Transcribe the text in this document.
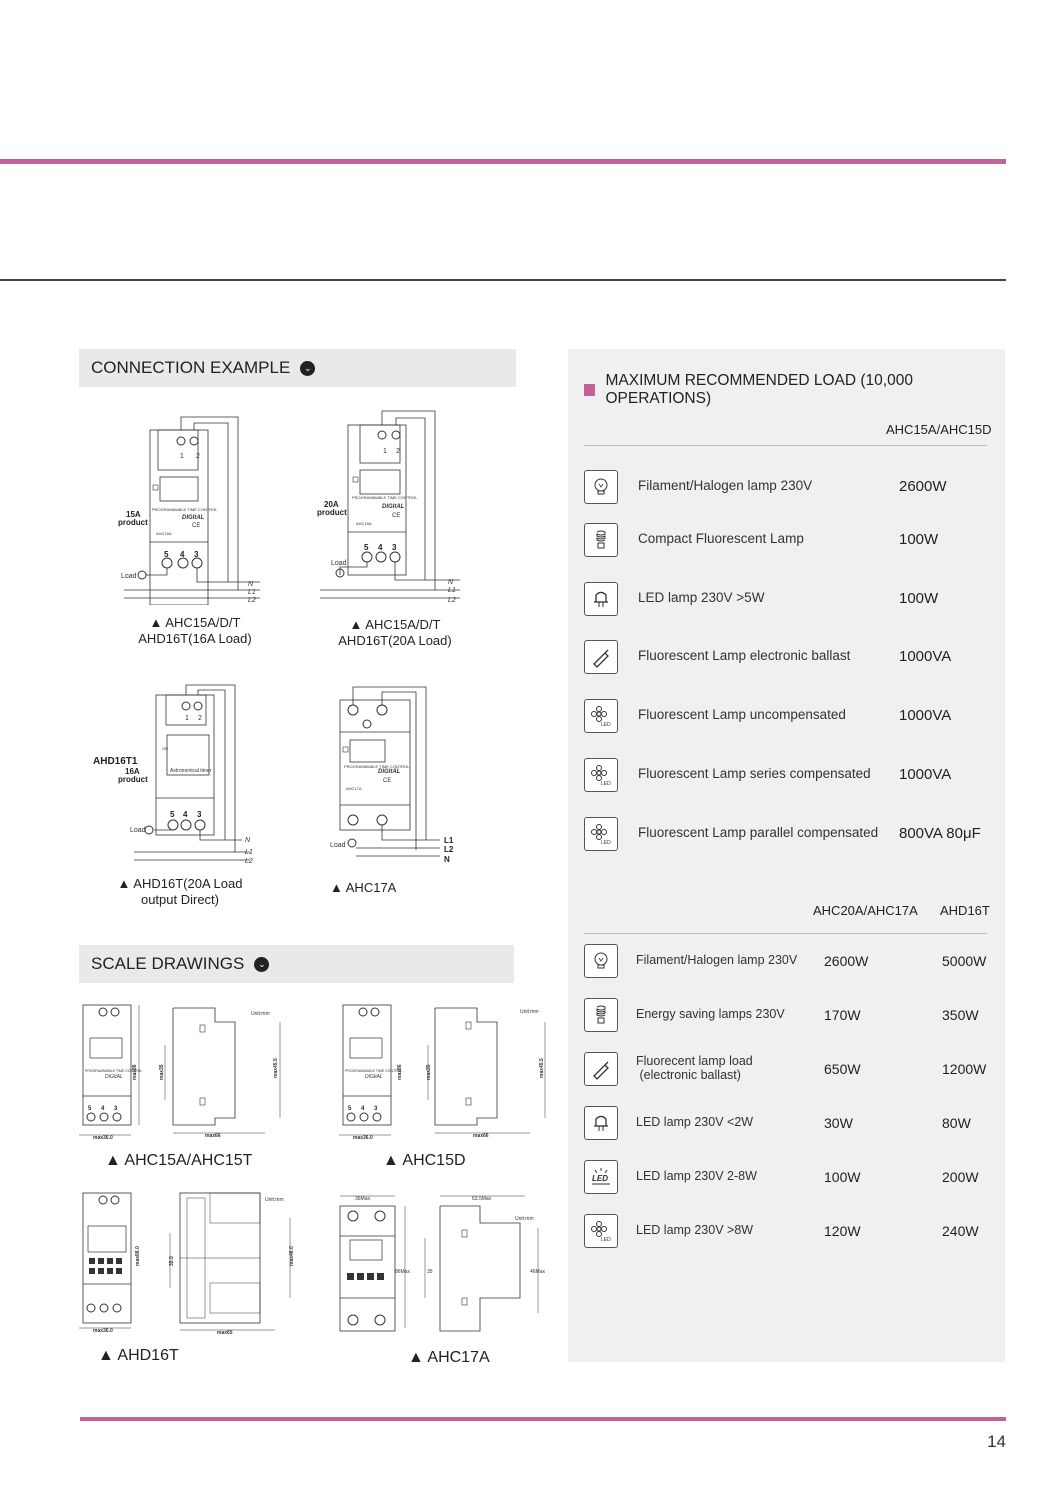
CONNECTION EXAMPLE	⌄
1 2
PROGRAMMABLE TIME CONTROL
DIGItAL
CE
AHC15A
5 4 3
Load
N
L1
L2
15A
product
▲ AHC15A/D/T
AHD16T(16A Load)
1 2
PROGRAMMABLE TIME CONTROL
DIGItAL
CE
AHC15A
5 4 3
Load
N
L1
L2
20A
product
▲ AHC15A/D/T
AHD16T(20A Load)
1 2
ON
Astronomical timer
5 4 3
Load
N
L1
L2
AHD16T1
16A
product
▲ AHD16T(20A Load
output Direct)
PROGRAMMABLE TIME CONTROL
DIGItAL
CE
AHC17A
Load
L1
L2
N
▲ AHC17A
SCALE DRAWINGS	⌄
PROGRAMMABLE TIME CONTROL
DIGItAL
5 4 3
max36.0
max86
max66
max35	max45.5
Unit:mm
▲ AHC15A/AHC15T
PROGRAMMABLE TIME CONTROL
DIGItAL
5 4 3
max36.0
max86
max66
max35	max45.5
Unit:mm
▲ AHC15D
max36.0
max88.0
max65
35.0	max46.0
Unit:mm
▲ AHD16T
36Max
86Max	35
63.5Max
46Max
Unit:mm
▲ AHC17A
MAXIMUM RECOMMENDED LOAD (10,000 OPERATIONS)
AHC15A/AHC15D
Filament/Halogen lamp 230V	2600W
Compact Fluorescent Lamp	100W
LED lamp 230V >5W	100W
Fluorescent Lamp electronic ballast	1000VA
LED
Fluorescent Lamp uncompensated	1000VA
LED
Fluorescent Lamp series compensated 1000VA
LED
Fluorescent Lamp parallel compensated 800VA 80μF
AHC20A/AHC17A AHD16T
Filament/Halogen lamp 230V 2600W	5000W
Energy saving lamps 230V	170W	350W
Fluorecent lamp load
(electronic ballast)	650W	1200W
LED lamp 230V <2W	30W	80W
LED LED lamp 230V 2-8W	100W	200W
LED
LED lamp 230V >8W	120W	240W
14
